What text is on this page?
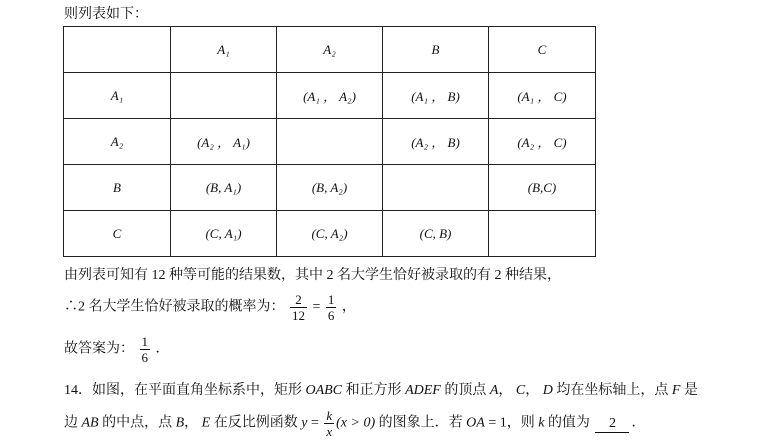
则列表如下：
	A₁	A₂	B	C
A₁		(A₁ ， A₂)	(A₁ ， B)	(A₁ ， C)
A₂	(A₂ ， A₁)		(A₂ ， B)	(A₂ ， C)
B	(B, A₁)	(B, A₂)		(B,C)
C	(C, A₁)	(C, A₂)	(C, B)	
由列表可知有 12 种等可能的结果数，其中 2 名大学生恰好被录取的有 2 种结果，
∴2 名大学生恰好被录取的概率为： $\frac{2}{12} = \frac{1}{6}$ ，
故答案为： $\frac{1}{6}$ ．
14．如图，在平面直角坐标系中，矩形 OABC 和正方形 ADEF 的顶点 A， C， D 均在坐标轴上，点 F 是
边 AB 的中点，点 B， E 在反比例函数 $y = \frac{k}{x} (x > 0)$ 的图象上．若 OA = 1，则 k 的值为 2 ．
